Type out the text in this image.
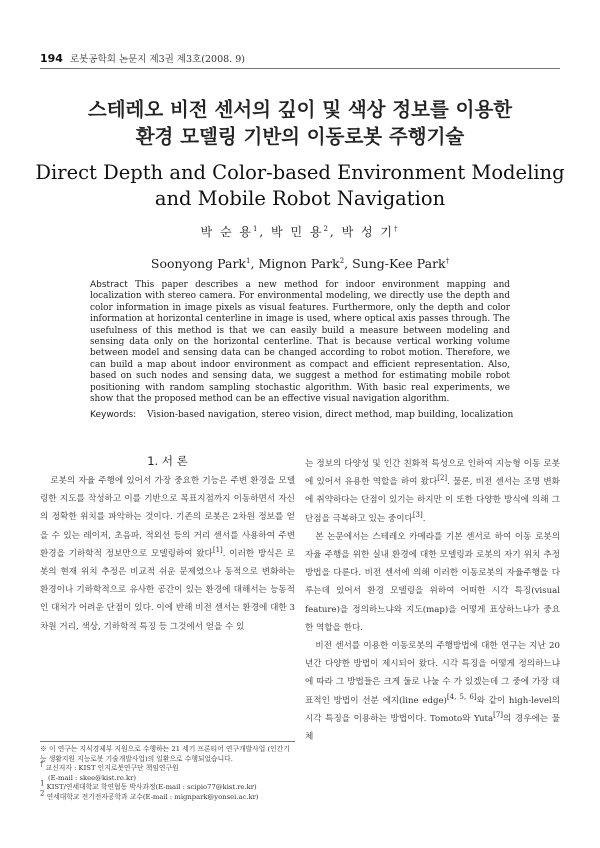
194 로봇공학회 논문지 제3권 제3호(2008. 9)
스테레오 비전 센서의 깊이 및 색상 정보를 이용한
환경 모델링 기반의 이동로봇 주행기술
Direct Depth and Color-based Environment Modeling
and Mobile Robot Navigation
박 순 용$^1$, 박 민 용$^2$, 박 성 기†
Soonyong Park$^1$, Mignon Park$^2$, Sung-Kee Park†
Abstract This paper describes a new method for indoor environment mapping and localization with stereo camera. For environmental modeling, we directly use the depth and color information in image pixels as visual features. Furthermore, only the depth and color information at horizontal centerline in image is used, where optical axis passes through. The usefulness of this method is that we can easily build a measure between modeling and sensing data only on the horizontal centerline. That is because vertical working volume between model and sensing data can be changed according to robot motion. Therefore, we can build a map about indoor environment as compact and efficient representation. Also, based on such nodes and sensing data, we suggest a method for estimating mobile robot positioning with random sampling stochastic algorithm. With basic real experiments, we show that the proposed method can be an effective visual navigation algorithm.
Keywords: Vision-based navigation, stereo vision, direct method, map building, localization
1. 서 론

로봇의 자율 주행에 있어서 가장 중요한 기능은 주변 환경을 모델링한 지도를 작성하고 이를 기반으로 목표지점까지 이동하면서 자신의 정확한 위치를 파악하는 것이다. 기존의 로봇은 2차원 정보를 얻을 수 있는 레이저, 초음파, 적외선 등의 거리 센서를 사용하여 주변 환경을 기하학적 정보만으로 모델링하여 왔다[1]. 이러한 방식은 로봇의 현재 위치 추정은 비교적 쉬운 문제였으나 동적으로 변화하는 환경이나 기하학적으로 유사한 공간이 있는 환경에 대해서는 능동적인 대처가 어려운 단점이 있다. 이에 반해 비전 센서는 환경에 대한 3차원 거리, 색상, 기하학적 특징 등 그것에서 얻을 수 있

는 정보의 다양성 및 인간 친화적 특성으로 인하여 지능형 이동 로봇에 있어서 유용한 역할을 하여 왔다[2]. 물론, 비전 센서는 조명 변화에 취약하다는 단점이 있기는 하지만 이 또한 다양한 방식에 의해 그 단점을 극복하고 있는 중이다[3].

본 논문에서는 스테레오 카메라를 기본 센서로 하여 이동 로봇의 자율 주행을 위한 실내 환경에 대한 모델링과 로봇의 자기 위치 추정 방법을 다룬다. 비전 센서에 의해 이러한 이동로봇의 자율주행을 다루는데 있어서 환경 모델링을 위하여 어떠한 시각 특징(visual feature)을 정의하느냐와 지도(map)을 어떻게 표상하느냐가 중요한 역할을 한다.

비전 센서를 이용한 이동로봇의 주행방법에 대한 연구는 지난 20년간 다양한 방법이 제시되어 왔다. 시각 특징을 어떻게 정의하느냐에 따라 그 방법들은 크게 둘로 나눌 수 가 있겠는데 그 중에 가장 대표적인 방법이 선분 에지(line edge)[4, 5, 6]와 같이 high-level의 시각 특징을 이용하는 방법이다. Tomoto와 Yuta[7]의 경우에는 물체

※ 이 연구는 지식경제부 지원으로 수행하는 21 세기 프론티어 연구개발사업 (인간기능 생활지원 지능로봇 기술개발사업)의 일환으로 수행되었습니다.

† 교신저자 : KIST 인지로봇연구단 책임연구원

(E-mail : skee@kist.re.kr)

$^1$ KIST/연세대학교 학연협동 박사과정(E-mail : scipio77@kist.re.kr)

$^2$ 연세대학교 전기전자공학과 교수(E-mail : mignpark@yonsei.ac.kr)
